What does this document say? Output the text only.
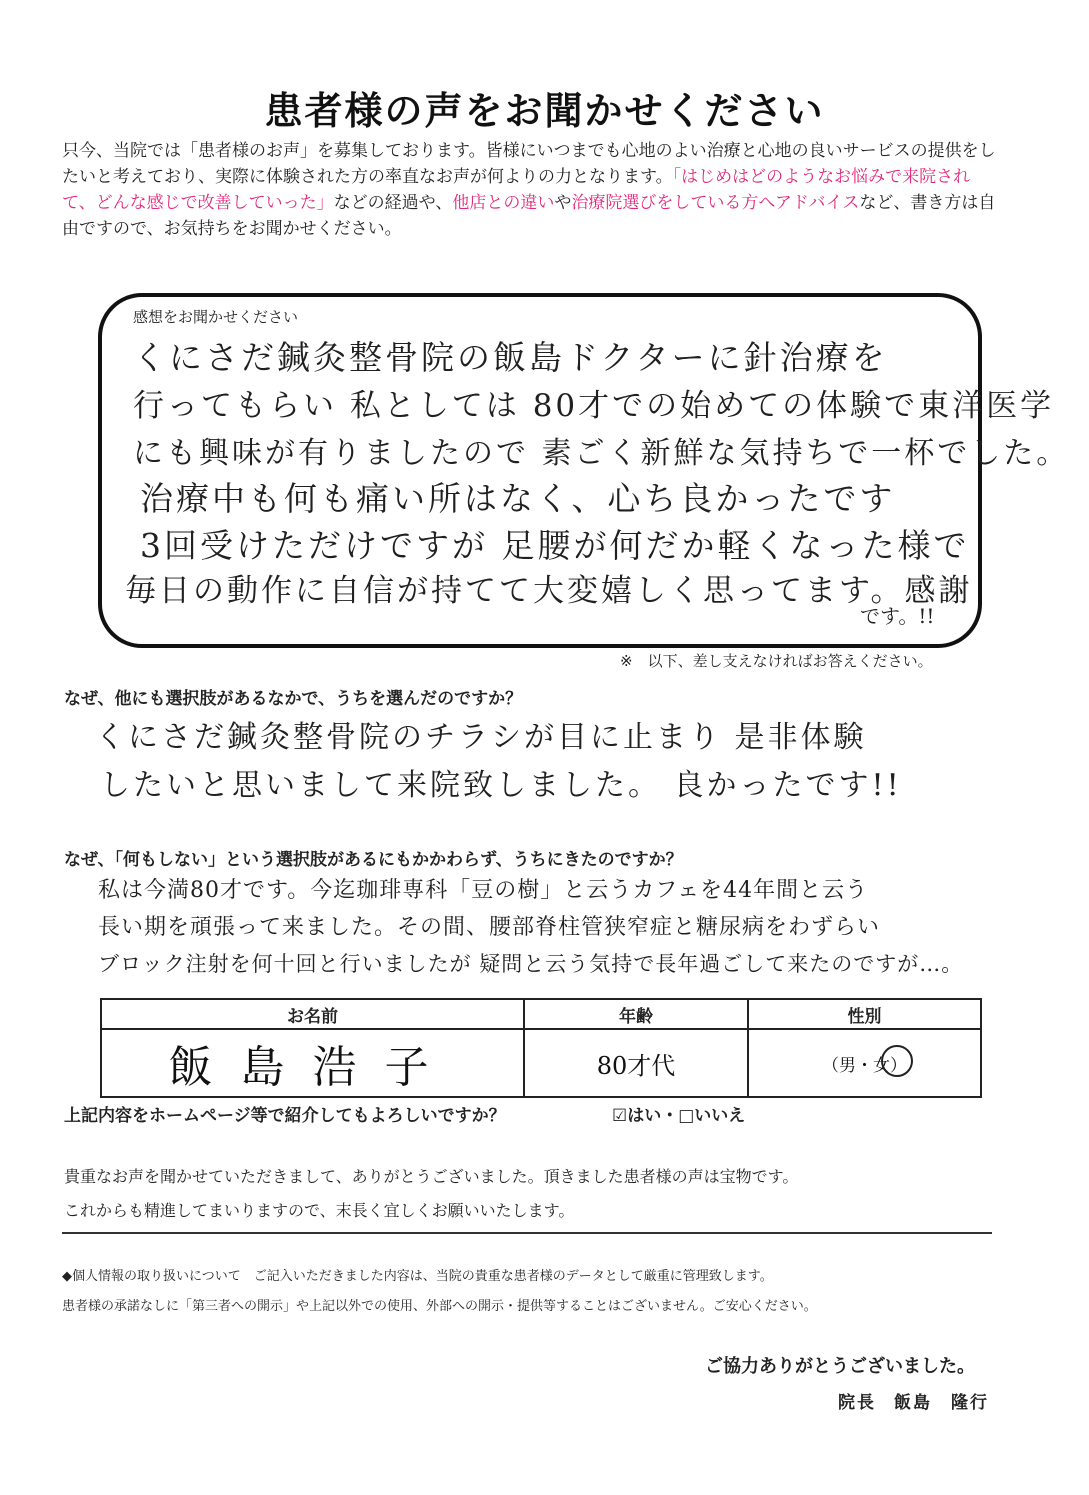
患者様の声をお聞かせください
只今、当院では「患者様のお声」を募集しております。皆様にいつまでも心地のよい治療と心地の良いサービスの提供をしたいと考えており、実際に体験された方の率直なお声が何よりの力となります。「はじめはどのようなお悩みで来院されて、どんな感じで改善していった」などの経過や、他店との違いや治療院選びをしている方へアドバイスなど、書き方は自由ですので、お気持ちをお聞かせください。
感想をお聞かせください
くにさだ鍼灸整骨院の飯島ドクターに針治療を
行ってもらい 私としては 80才での始めての体験で東洋医学
にも興味が有りましたので 素ごく新鮮な気持ちで一杯でした。
治療中も何も痛い所はなく、心ち良かったです
3回受けただけですが 足腰が何だか軽くなった様で
毎日の動作に自信が持てて大変嬉しく思ってます。感謝
です。!!
※　以下、差し支えなければお答えください。
なぜ、他にも選択肢があるなかで、うちを選んだのですか？
くにさだ鍼灸整骨院のチラシが目に止まり 是非体験
したいと思いまして来院致しました。 良かったです!!
なぜ、「何もしない」という選択肢があるにもかかわらず、うちにきたのですか？
私は今満80才です。今迄珈琲専科「豆の樹」と云うカフェを44年間と云う
長い期を頑張って来ました。その間、腰部脊柱管狭窄症と糖尿病をわずらい
ブロック注射を何十回と行いましたが 疑問と云う気持で長年過ごして来たのですが…。
お名前	年齢	性別
飯島浩子	80才代	（男・女）
上記内容をホームページ等で紹介してもよろしいですか？	☑はい・□いいえ
貴重なお声を聞かせていただきまして、ありがとうございました。頂きました患者様の声は宝物です。
これからも精進してまいりますので、末長く宜しくお願いいたします。
◆個人情報の取り扱いについて　ご記入いただきました内容は、当院の貴重な患者様のデータとして厳重に管理致します。
患者様の承諾なしに「第三者への開示」や上記以外での使用、外部への開示・提供等することはございません。ご安心ください。
ご協力ありがとうございました。
院長 飯島　隆行
